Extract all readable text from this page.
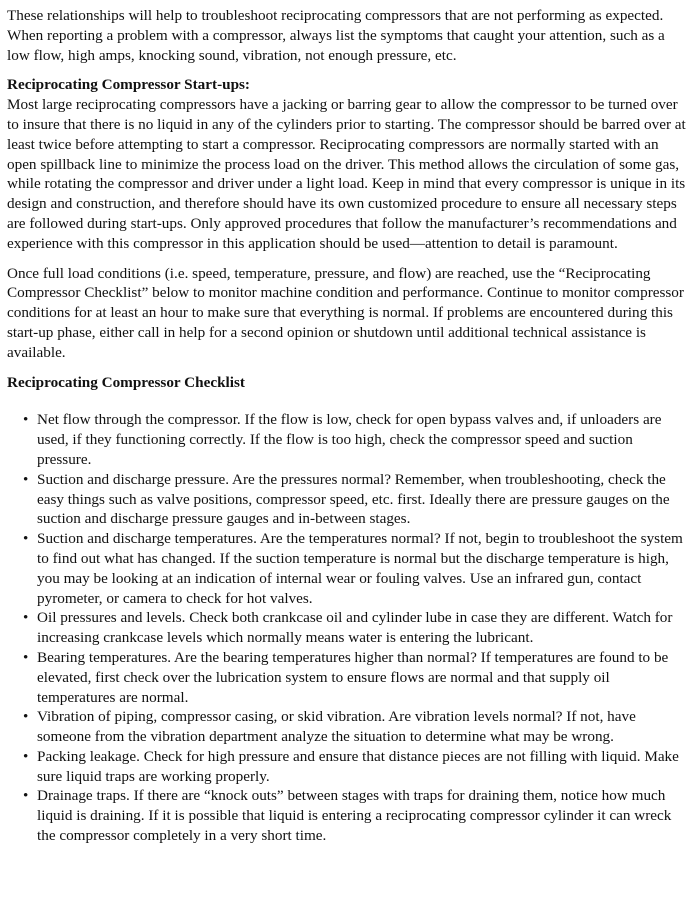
These relationships will help to troubleshoot reciprocating compressors that are not performing as expected. When reporting a problem with a compressor, always list the symptoms that caught your attention, such as a low flow, high amps, knocking sound, vibration, not enough pressure, etc.

Reciprocating Compressor Start-ups:
Most large reciprocating compressors have a jacking or barring gear to allow the compressor to be turned over to insure that there is no liquid in any of the cylinders prior to starting. The compressor should be barred over at least twice before attempting to start a compressor. Reciprocating compressors are normally started with an open spillback line to minimize the process load on the driver. This method allows the circulation of some gas, while rotating the compressor and driver under a light load. Keep in mind that every compressor is unique in its design and construction, and therefore should have its own customized procedure to ensure all necessary steps are followed during start-ups. Only approved procedures that follow the manufacturer’s recommendations and experience with this compressor in this application should be used—attention to detail is paramount.

Once full load conditions (i.e. speed, temperature, pressure, and flow) are reached, use the “Reciprocating Compressor Checklist” below to monitor machine condition and performance. Continue to monitor compressor conditions for at least an hour to make sure that everything is normal. If problems are encountered during this start-up phase, either call in help for a second opinion or shutdown until additional technical assistance is available.

Reciprocating Compressor Checklist

• Net flow through the compressor. If the flow is low, check for open bypass valves and, if unloaders are used, if they functioning correctly. If the flow is too high, check the compressor speed and suction pressure.
• Suction and discharge pressure. Are the pressures normal? Remember, when troubleshooting, check the easy things such as valve positions, compressor speed, etc. first. Ideally there are pressure gauges on the suction and discharge pressure gauges and in-between stages.
• Suction and discharge temperatures. Are the temperatures normal? If not, begin to troubleshoot the system to find out what has changed. If the suction temperature is normal but the discharge temperature is high, you may be looking at an indication of internal wear or fouling valves. Use an infrared gun, contact pyrometer, or camera to check for hot valves.
• Oil pressures and levels. Check both crankcase oil and cylinder lube in case they are different. Watch for increasing crankcase levels which normally means water is entering the lubricant.
• Bearing temperatures. Are the bearing temperatures higher than normal? If temperatures are found to be elevated, first check over the lubrication system to ensure flows are normal and that supply oil temperatures are normal.
• Vibration of piping, compressor casing, or skid vibration. Are vibration levels normal? If not, have someone from the vibration department analyze the situation to determine what may be wrong.
• Packing leakage. Check for high pressure and ensure that distance pieces are not filling with liquid. Make sure liquid traps are working properly.
• Drainage traps. If there are “knock outs” between stages with traps for draining them, notice how much liquid is draining. If it is possible that liquid is entering a reciprocating compressor cylinder it can wreck the compressor completely in a very short time.
